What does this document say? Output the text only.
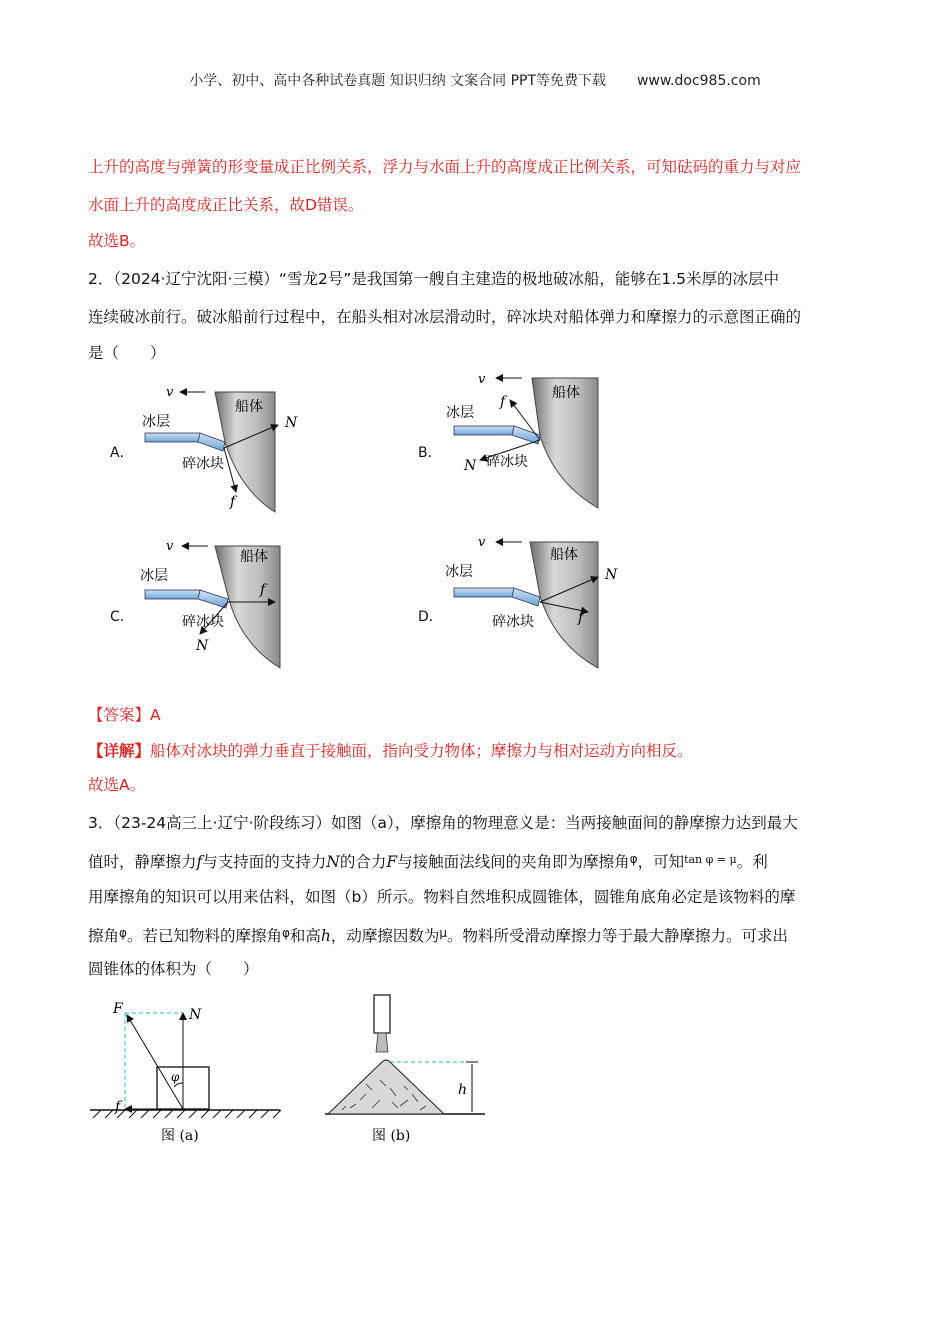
小学、初中、高中各种试卷真题 知识归纳 文案合同 PPT等免费下载 www.doc985.com
上升的高度与弹簧的形变量成正比例关系，浮力与水面上升的高度成正比例关系，可知砝码的重力与对应
水面上升的高度成正比关系，故D错误。
故选B。
2．（2024·辽宁沈阳·三模）“雪龙2号”是我国第一艘自主建造的极地破冰船，能够在1.5米厚的冰层中
连续破冰前行。破冰船前行过程中，在船头相对冰层滑动时，碎冰块对船体弹力和摩擦力的示意图正确的
是（　　）
A．	B．
C．	D．
v
船体
N
冰层
碎冰块
f
v
船体
冰层
f
N 碎冰块
v
船体
冰层
f
碎冰块
N
v
船体
冰层	N
碎冰块	f
【答案】A
【详解】船体对冰块的弹力垂直于接触面，指向受力物体；摩擦力与相对运动方向相反。
故选A。
3．（23-24高三上·辽宁·阶段练习）如图（a），摩擦角的物理意义是：当两接触面间的静摩擦力达到最大
值时，静摩擦力f与支持面的支持力N的合力F与接触面法线间的夹角即为摩擦角$^\varphi$，可知$^{tan \varphi = \mu}$。利
用摩擦角的知识可以用来估料，如图（b）所示。物料自然堆积成圆锥体，圆锥角底角必定是该物料的摩
擦角$^\varphi$。若已知物料的摩擦角$^\varphi$和高h，动摩擦因数为$^\mu$。物料所受滑动摩擦力等于最大静摩擦力。可求出
圆锥体的体积为（　　）
F	N
f
φ
图 (a)
h
图 (b)
